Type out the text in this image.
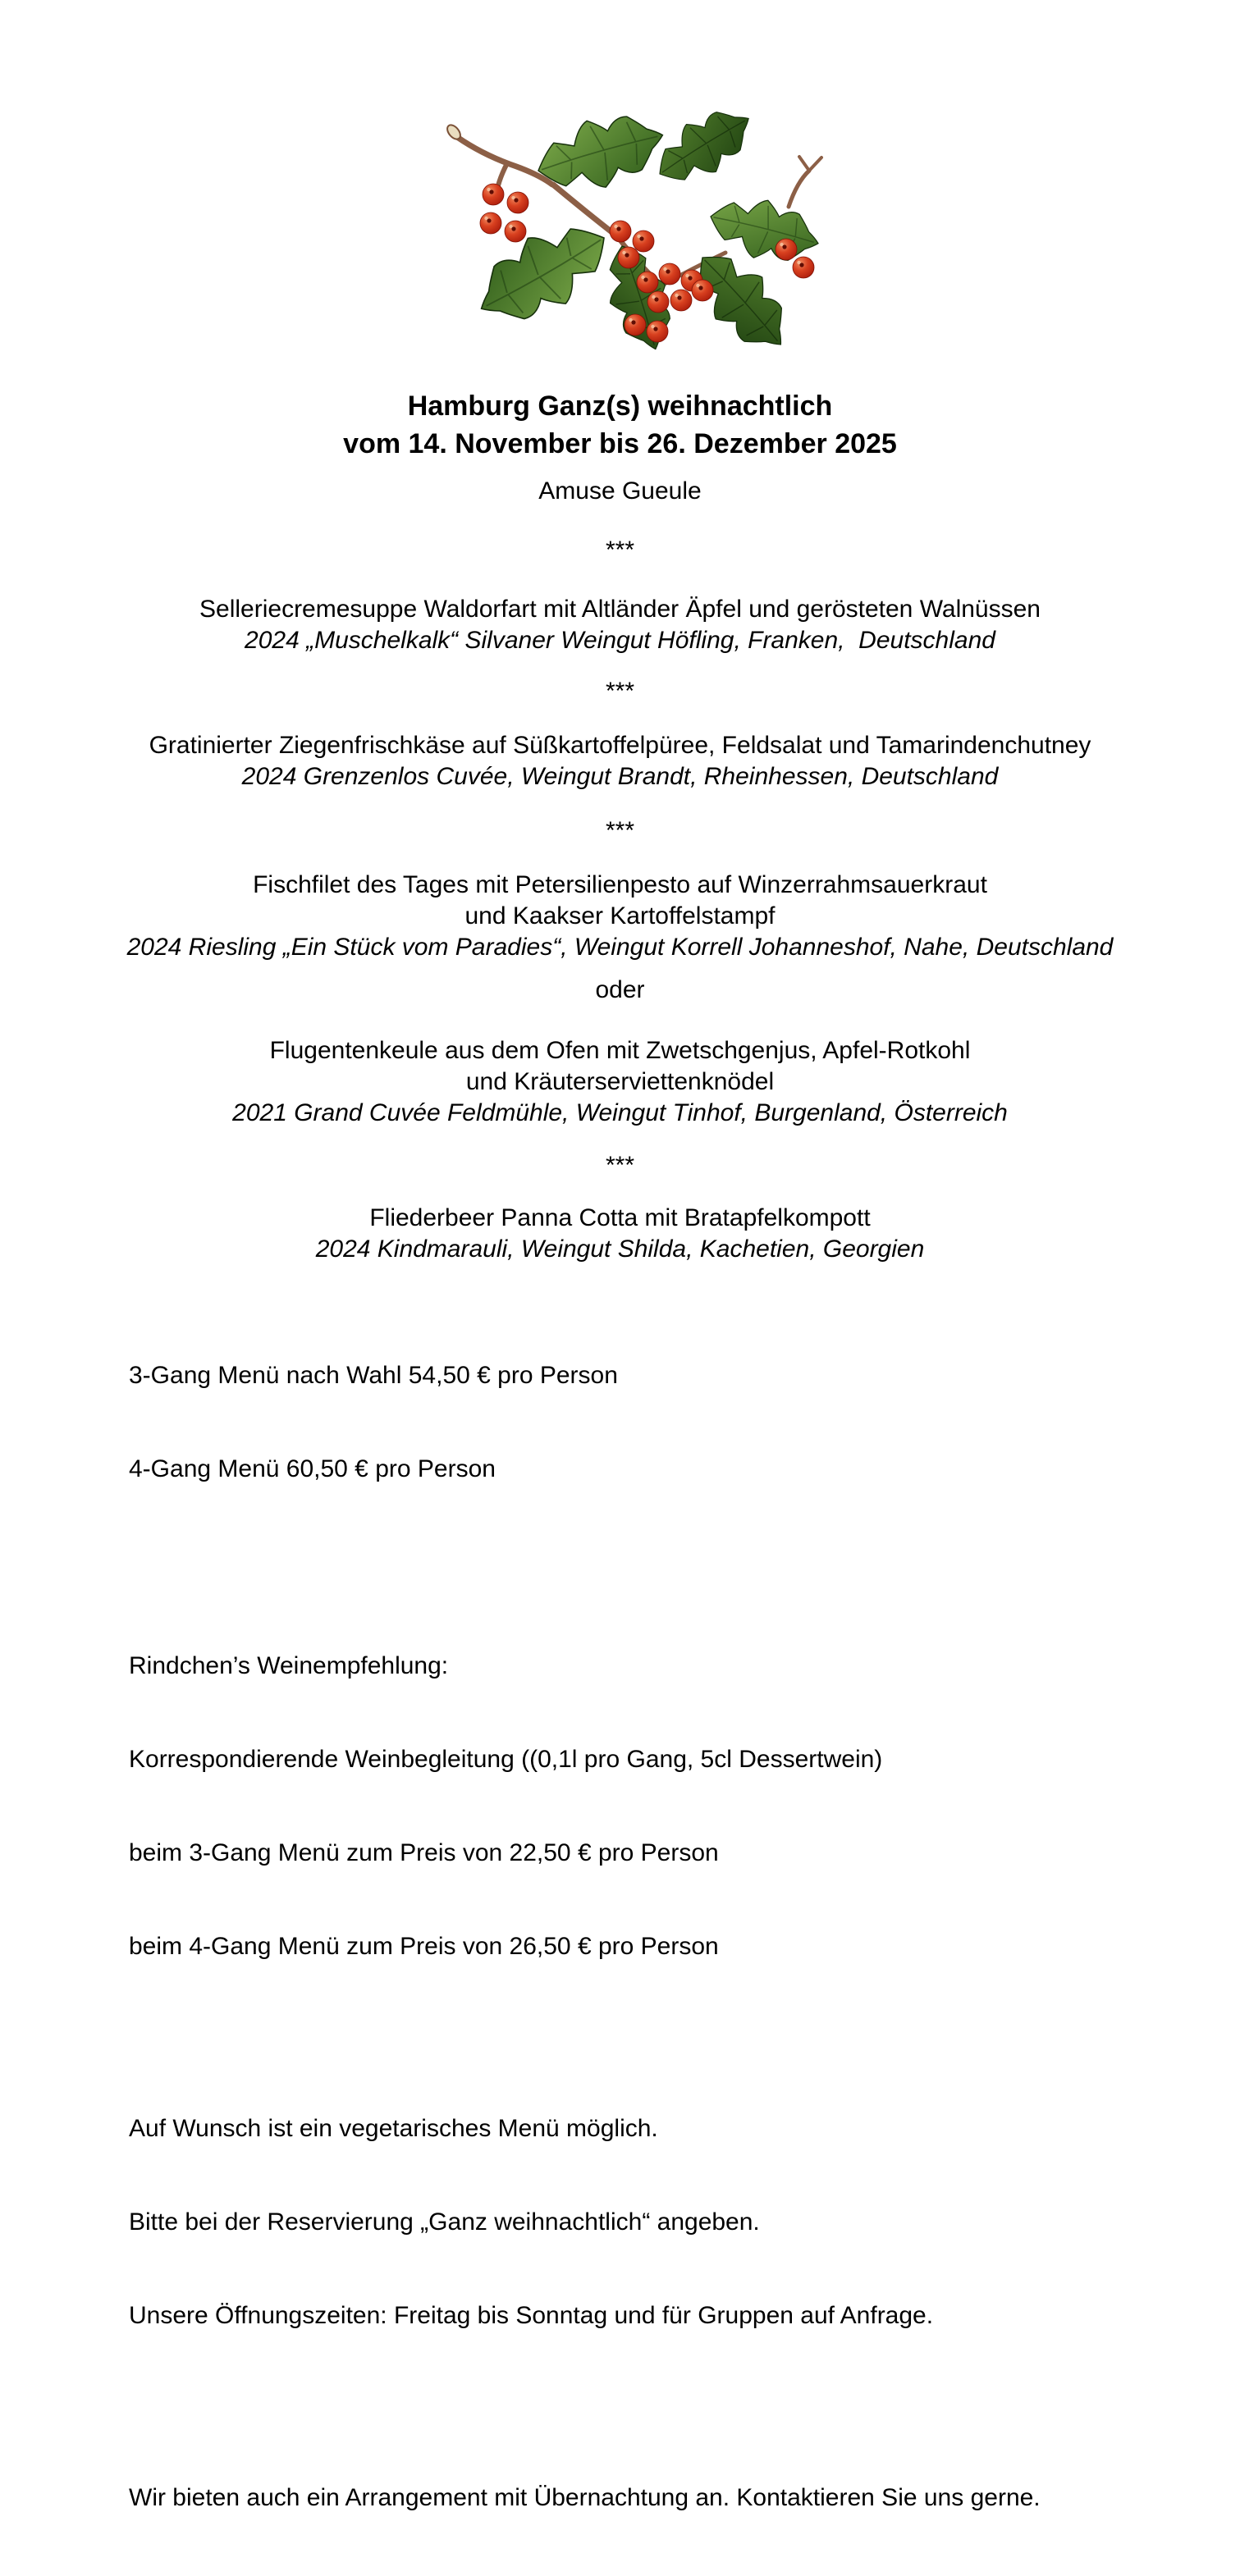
Hamburg Ganz(s) weihnachtlich
vom 14. November bis 26. Dezember 2025

Amuse Gueule

***

Selleriecremesuppe Waldorfart mit Altländer Äpfel und gerösteten Walnüssen

2024 „Muschelkalk“ Silvaner Weingut Höfling, Franken,  Deutschland

***

Gratinierter Ziegenfrischkäse auf Süßkartoffelpüree, Feldsalat und Tamarindenchutney

2024 Grenzenlos Cuvée, Weingut Brandt, Rheinhessen, Deutschland

***

Fischfilet des Tages mit Petersilienpesto auf Winzerrahmsauerkraut

und Kaakser Kartoffelstampf

2024 Riesling „Ein Stück vom Paradies“, Weingut Korrell Johanneshof, Nahe, Deutschland

oder

Flugentenkeule aus dem Ofen mit Zwetschgenjus, Apfel-Rotkohl

und Kräuterserviettenknödel

2021 Grand Cuvée Feldmühle, Weingut Tinhof, Burgenland, Österreich

***

Fliederbeer Panna Cotta mit Bratapfelkompott

2024 Kindmarauli, Weingut Shilda, Kachetien, Georgien

3-Gang Menü nach Wahl 54,50 € pro Person

4-Gang Menü 60,50 € pro Person

Rindchen’s Weinempfehlung:

Korrespondierende Weinbegleitung ((0,1l pro Gang, 5cl Dessertwein)

beim 3-Gang Menü zum Preis von 22,50 € pro Person

beim 4-Gang Menü zum Preis von 26,50 € pro Person

Auf Wunsch ist ein vegetarisches Menü möglich.

Bitte bei der Reservierung „Ganz weihnachtlich“ angeben.

Unsere Öffnungszeiten: Freitag bis Sonntag und für Gruppen auf Anfrage.

Wir bieten auch ein Arrangement mit Übernachtung an. Kontaktieren Sie uns gerne.
